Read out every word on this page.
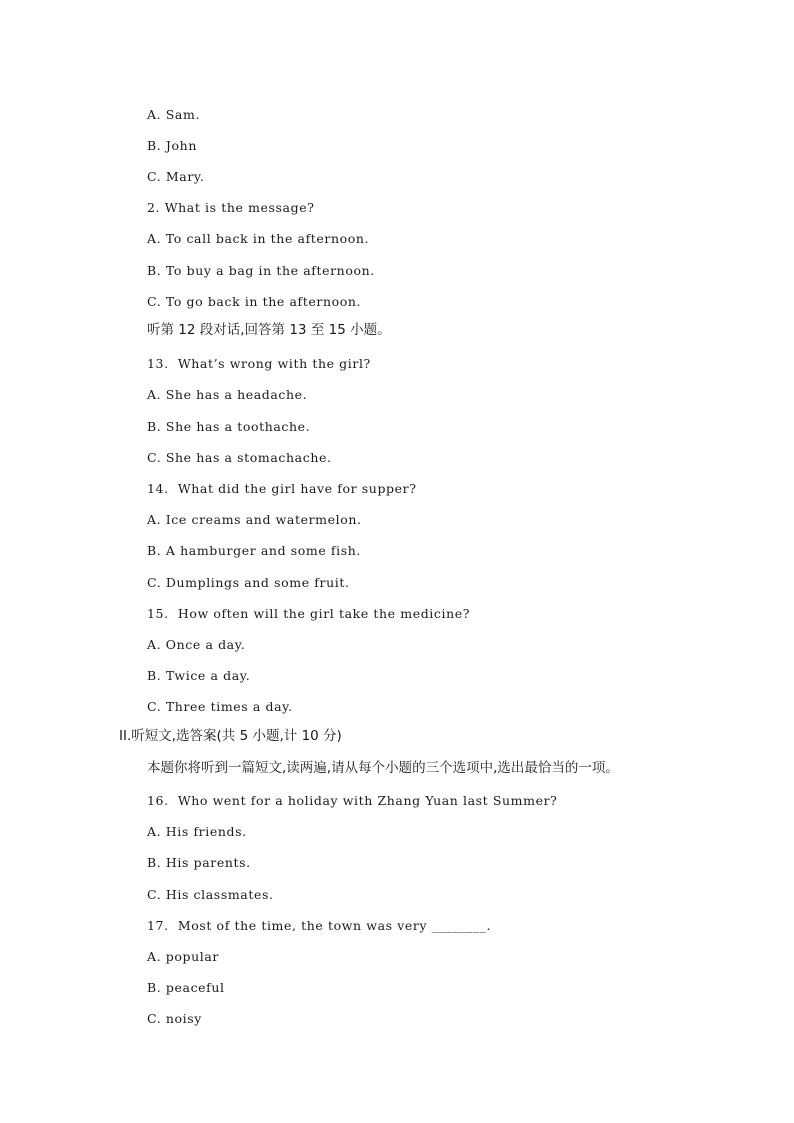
A. Sam.
B. John
C. Mary.
2. What is the message?
A. To call back in the afternoon.
B. To buy a bag in the afternoon.
C. To go back in the afternoon.
听第 12 段对话,回答第 13 至 15 小题。
13.  What’s wrong with the girl?
A. She has a headache.
B. She has a toothache.
C. She has a stomachache.
14.  What did the girl have for supper?
A. Ice creams and watermelon.
B. A hamburger and some fish.
C. Dumplings and some fruit.
15.  How often will the girl take the medicine?
A. Once a day.
B. Twice a day.
C. Three times a day.
II.听短文,选答案(共 5 小题,计 10 分)
本题你将听到一篇短文,读两遍,请从每个小题的三个选项中,选出最恰当的一项。
16.  Who went for a holiday with Zhang Yuan last Summer?
A. His friends.
B. His parents.
C. His classmates.
17.  Most of the time, the town was very ________.
A. popular
B. peaceful
C. noisy
